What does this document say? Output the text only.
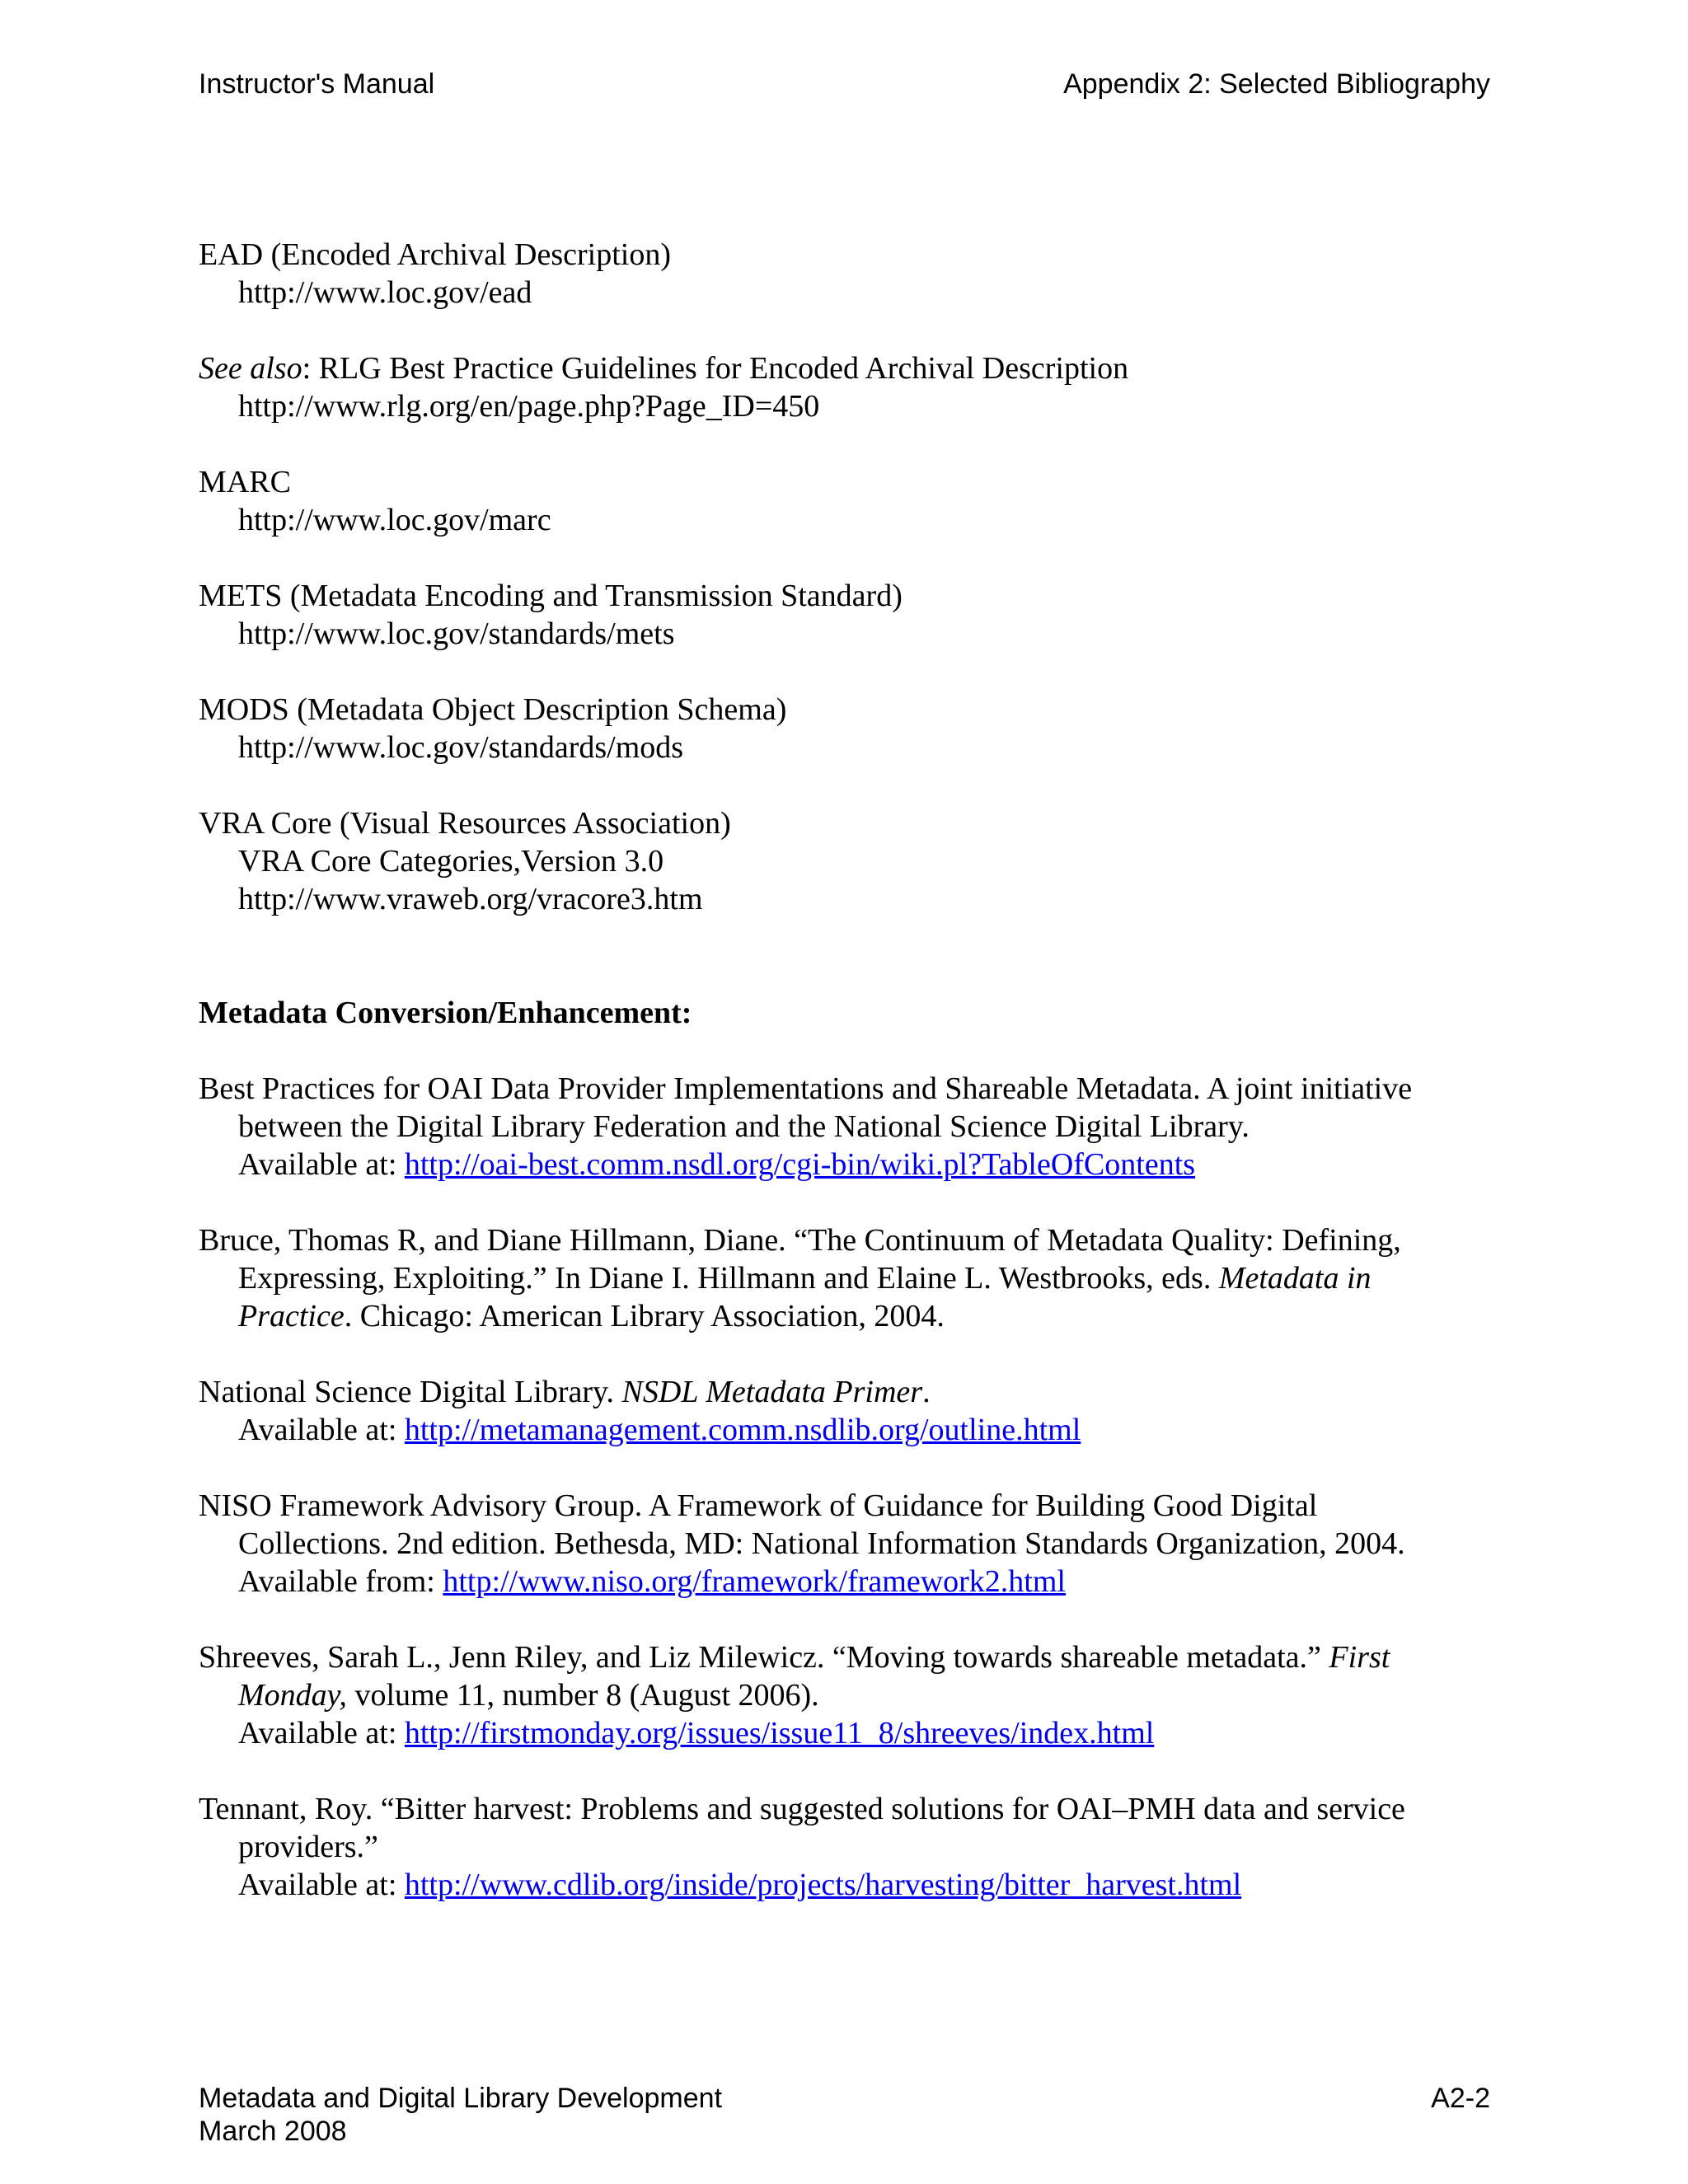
Instructor's Manual	Appendix 2: Selected Bibliography
EAD (Encoded Archival Description)
http://www.loc.gov/ead
See also: RLG Best Practice Guidelines for Encoded Archival Description
http://www.rlg.org/en/page.php?Page_ID=450
MARC
http://www.loc.gov/marc
METS (Metadata Encoding and Transmission Standard)
http://www.loc.gov/standards/mets
MODS (Metadata Object Description Schema)
http://www.loc.gov/standards/mods
VRA Core (Visual Resources Association)
VRA Core Categories,Version 3.0
http://www.vraweb.org/vracore3.htm
Metadata Conversion/Enhancement:
Best Practices for OAI Data Provider Implementations and Shareable Metadata. A joint initiative
between the Digital Library Federation and the National Science Digital Library.
Available at: http://oai-best.comm.nsdl.org/cgi-bin/wiki.pl?TableOfContents
Bruce, Thomas R, and Diane Hillmann, Diane. “The Continuum of Metadata Quality: Defining,
Expressing, Exploiting.” In Diane I. Hillmann and Elaine L. Westbrooks, eds. Metadata in
Practice. Chicago: American Library Association, 2004.
National Science Digital Library. NSDL Metadata Primer.
Available at: http://metamanagement.comm.nsdlib.org/outline.html
NISO Framework Advisory Group. A Framework of Guidance for Building Good Digital
Collections. 2nd edition. Bethesda, MD: National Information Standards Organization, 2004.
Available from: http://www.niso.org/framework/framework2.html
Shreeves, Sarah L., Jenn Riley, and Liz Milewicz. “Moving towards shareable metadata.” First
Monday, volume 11, number 8 (August 2006).
Available at: http://firstmonday.org/issues/issue11_8/shreeves/index.html
Tennant, Roy. “Bitter harvest: Problems and suggested solutions for OAI–PMH data and service
providers.”
Available at: http://www.cdlib.org/inside/projects/harvesting/bitter_harvest.html
Metadata and Digital Library Development
March 2008
A2-2
